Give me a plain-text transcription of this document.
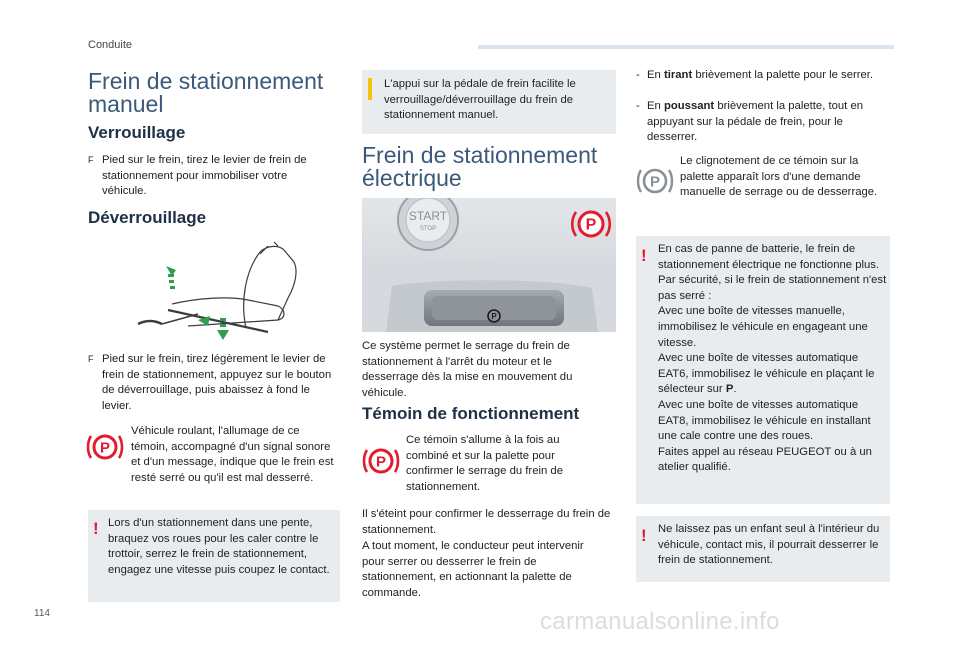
Conduite
Frein de stationnement manuel
Verrouillage
F Pied sur le frein, tirez le levier de frein de stationnement pour immobiliser votre véhicule.
Déverrouillage
F Pied sur le frein, tirez légèrement le levier de frein de stationnement, appuyez sur le bouton de déverrouillage, puis abaissez à fond le levier.
P
Véhicule roulant, l'allumage de ce témoin, accompagné d'un signal sonore et d'un message, indique que le frein est resté serré ou qu'il est mal desserré.
! Lors d'un stationnement dans une pente, braquez vos roues pour les caler contre le trottoir, serrez le frein de stationnement, engagez une vitesse puis coupez le contact.
L'appui sur la pédale de frein facilite le verrouillage/déverrouillage du frein de stationnement manuel.
Frein de stationnement électrique
START
STOP
P
P
Ce système permet le serrage du frein de stationnement à l'arrêt du moteur et le desserrage dès la mise en mouvement du véhicule.
Témoin de fonctionnement
P
Ce témoin s'allume à la fois au combiné et sur la palette pour confirmer le serrage du frein de stationnement.
Il s'éteint pour confirmer le desserrage du frein de stationnement.
A tout moment, le conducteur peut intervenir pour serrer ou desserrer le frein de stationnement, en actionnant la palette de commande.
- En tirant brièvement la palette pour le serrer.
- En poussant brièvement la palette, tout en appuyant sur la pédale de frein, pour le desserrer.
P
Le clignotement de ce témoin sur la palette apparaît lors d'une demande manuelle de serrage ou de desserrage.
! En cas de panne de batterie, le frein de stationnement électrique ne fonctionne plus.
Par sécurité, si le frein de stationnement n'est pas serré :
Avec une boîte de vitesses manuelle, immobilisez le véhicule en engageant une vitesse.
Avec une boîte de vitesses automatique EAT6, immobilisez le véhicule en plaçant le sélecteur sur P.
Avec une boîte de vitesses automatique EAT8, immobilisez le véhicule en installant une cale contre une des roues.
Faites appel au réseau PEUGEOT ou à un atelier qualifié.
! Ne laissez pas un enfant seul à l'intérieur du véhicule, contact mis, il pourrait desserrer le frein de stationnement.
114	carmanualsonline.info
